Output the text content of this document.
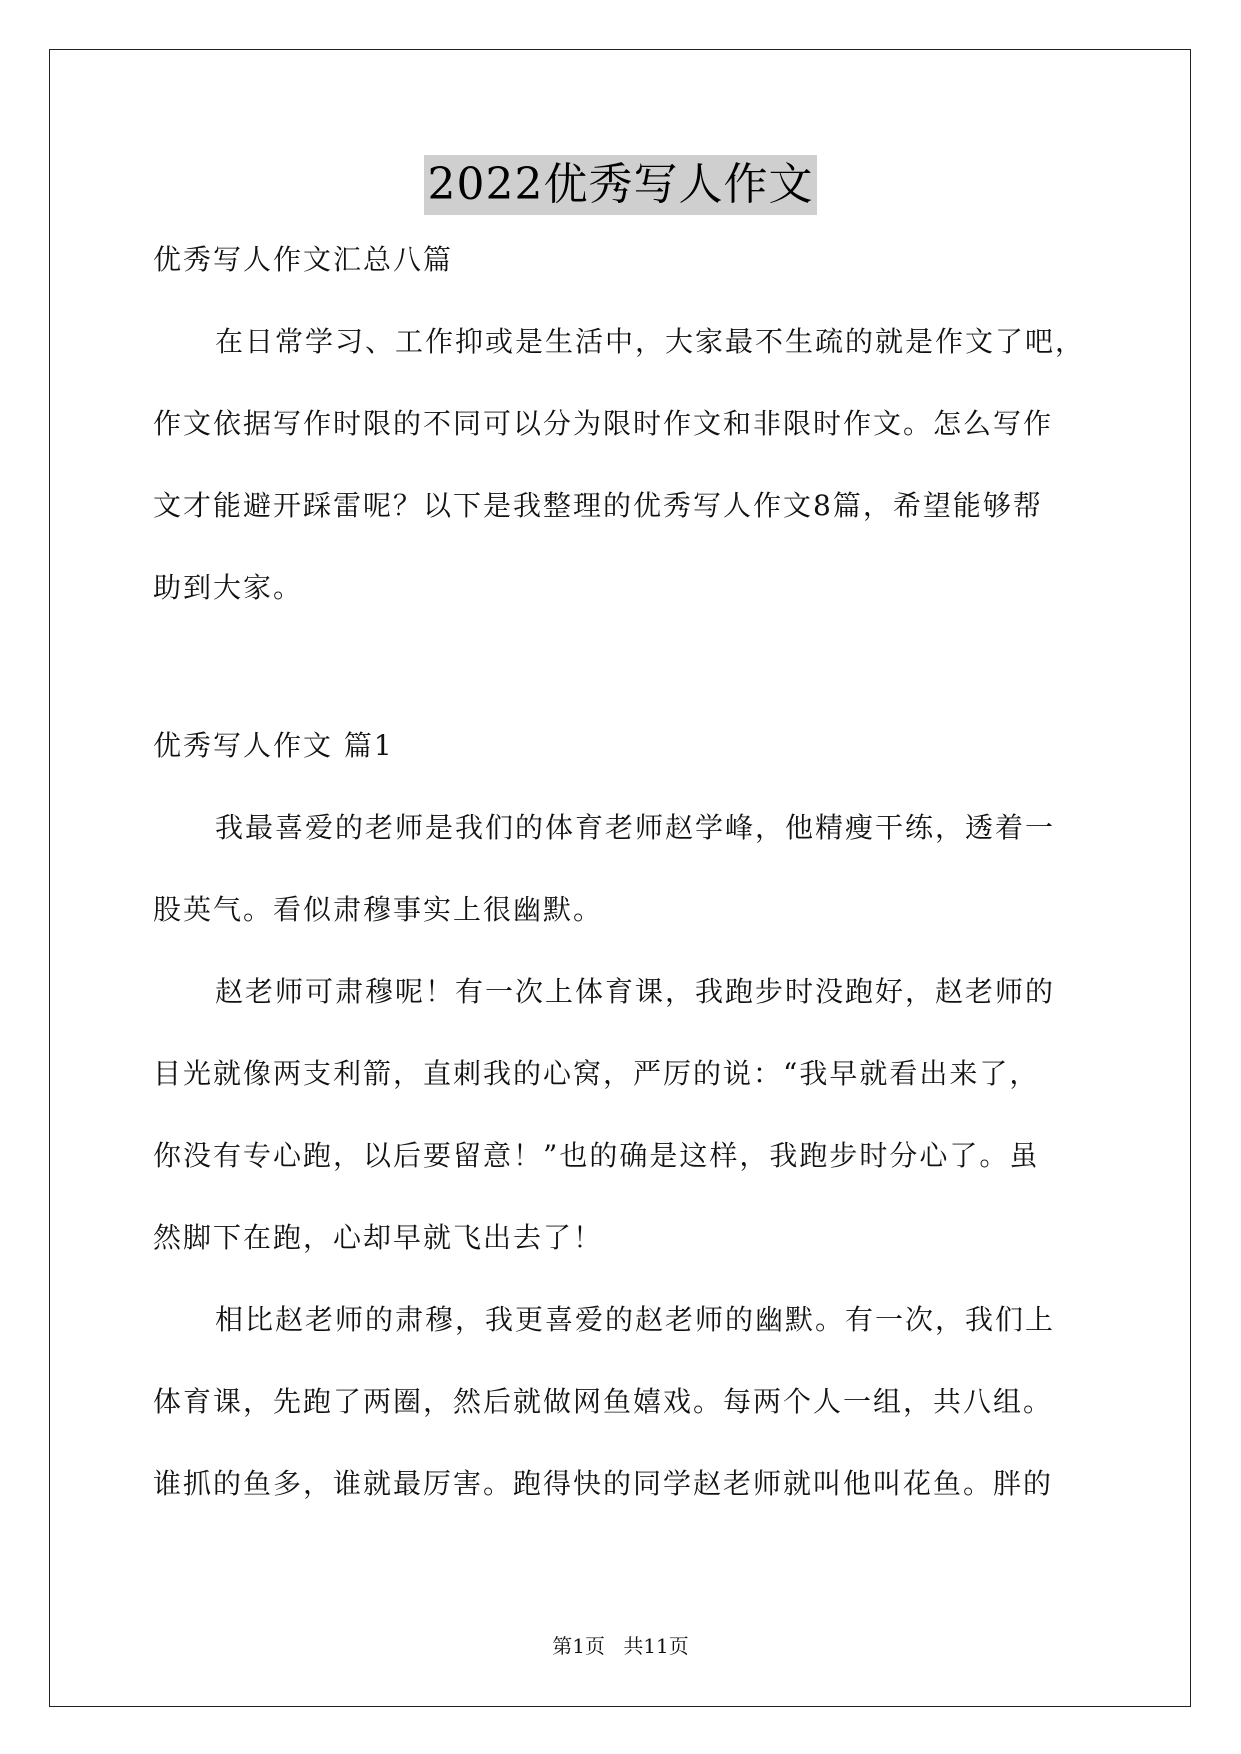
2022优秀写人作文
优秀写人作文汇总八篇
在日常学习、工作抑或是生活中，大家最不生疏的就是作文了吧，
作文依据写作时限的不同可以分为限时作文和非限时作文。怎么写作
文才能避开踩雷呢？以下是我整理的优秀写人作文8篇，希望能够帮
助到大家。
优秀写人作文 篇1
我最喜爱的老师是我们的体育老师赵学峰，他精瘦干练，透着一
股英气。看似肃穆事实上很幽默。
赵老师可肃穆呢！有一次上体育课，我跑步时没跑好，赵老师的
目光就像两支利箭，直刺我的心窝，严厉的说：“我早就看出来了，
你没有专心跑，以后要留意！”也的确是这样，我跑步时分心了。虽
然脚下在跑，心却早就飞出去了！
相比赵老师的肃穆，我更喜爱的赵老师的幽默。有一次，我们上
体育课，先跑了两圈，然后就做网鱼嬉戏。每两个人一组，共八组。
谁抓的鱼多，谁就最厉害。跑得快的同学赵老师就叫他叫花鱼。胖的
第1页 共11页
